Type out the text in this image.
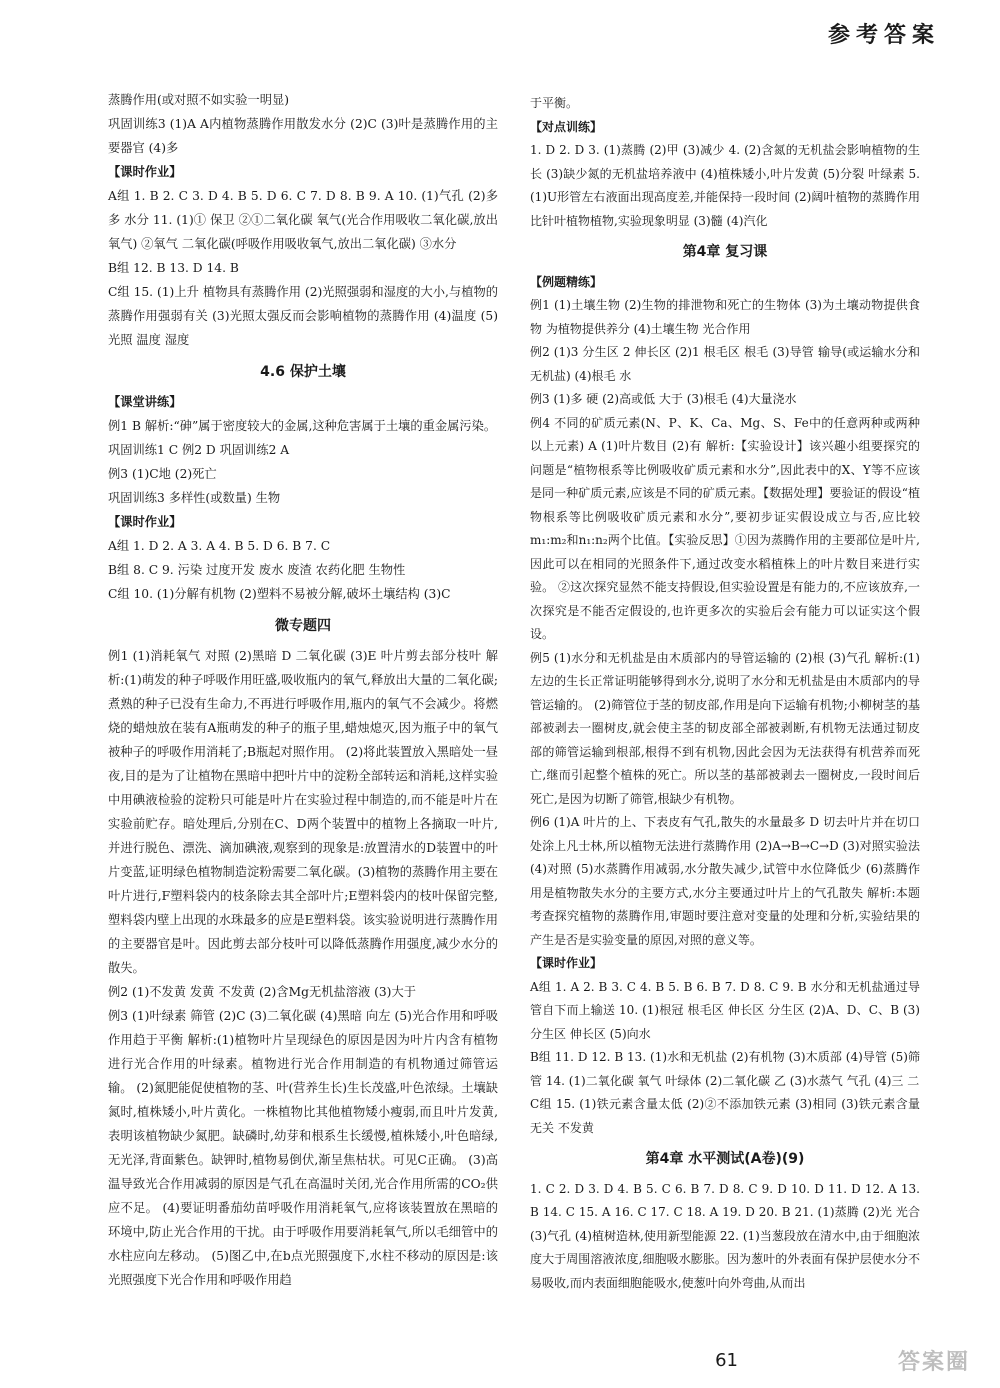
参考答案

蒸腾作用(或对照不如实验一明显)

巩固训练3 (1)A A内植物蒸腾作用散发水分 (2)C (3)叶是蒸腾作用的主要器官 (4)多

【课时作业】

A组 1. B 2. C 3. D 4. B 5. D 6. C 7. D 8. B 9. A 10. (1)气孔 (2)多 多 水分 11. (1)① 保卫 ②①二氧化碳 氧气(光合作用吸收二氧化碳,放出氧气) ②氧气 二氧化碳(呼吸作用吸收氧气,放出二氧化碳) ③水分

B组 12. B 13. D 14. B

C组 15. (1)上升 植物具有蒸腾作用 (2)光照强弱和湿度的大小,与植物的蒸腾作用强弱有关 (3)光照太强反而会影响植物的蒸腾作用 (4)温度 (5)光照 温度 湿度

4.6 保护土壤

【课堂讲练】

例1 B 解析:“砷”属于密度较大的金属,这种危害属于土壤的重金属污染。

巩固训练1 C 例2 D 巩固训练2 A

例3 (1)C地 (2)死亡

巩固训练3 多样性(或数量) 生物

【课时作业】

A组 1. D 2. A 3. A 4. B 5. D 6. B 7. C

B组 8. C 9. 污染 过度开发 废水 废渣 农药化肥 生物性

C组 10. (1)分解有机物 (2)塑料不易被分解,破坏土壤结构 (3)C

微专题四

例1 (1)消耗氧气 对照 (2)黑暗 D 二氧化碳 (3)E 叶片剪去部分枝叶 解析:(1)萌发的种子呼吸作用旺盛,吸收瓶内的氧气,释放出大量的二氧化碳;煮熟的种子已没有生命力,不再进行呼吸作用,瓶内的氧气不会减少。将燃烧的蜡烛放在装有A瓶萌发的种子的瓶子里,蜡烛熄灭,因为瓶子中的氧气被种子的呼吸作用消耗了;B瓶起对照作用。 (2)将此装置放入黑暗处一昼夜,目的是为了让植物在黑暗中把叶片中的淀粉全部转运和消耗,这样实验中用碘液检验的淀粉只可能是叶片在实验过程中制造的,而不能是叶片在实验前贮存。暗处理后,分别在C、D两个装置中的植物上各摘取一叶片,并进行脱色、漂洗、滴加碘液,观察到的现象是:放置清水的D装置中的叶片变蓝,证明绿色植物制造淀粉需要二氧化碳。(3)植物的蒸腾作用主要在叶片进行,F塑料袋内的枝条除去其全部叶片;E塑料袋内的枝叶保留完整,塑料袋内壁上出现的水珠最多的应是E塑料袋。该实验说明进行蒸腾作用的主要器官是叶。因此剪去部分枝叶可以降低蒸腾作用强度,减少水分的散失。

例2 (1)不发黄 发黄 不发黄 (2)含Mg无机盐溶液 (3)大于

例3 (1)叶绿素 筛管 (2)C (3)二氧化碳 (4)黑暗 向左 (5)光合作用和呼吸作用趋于平衡 解析:(1)植物叶片呈现绿色的原因是因为叶片内含有植物进行光合作用的叶绿素。植物进行光合作用制造的有机物通过筛管运输。 (2)氮肥能促使植物的茎、叶(营养生长)生长茂盛,叶色浓绿。土壤缺氮时,植株矮小,叶片黄化。一株植物比其他植物矮小瘦弱,而且叶片发黄,表明该植物缺少氮肥。缺磷时,幼芽和根系生长缓慢,植株矮小,叶色暗绿,无光泽,背面紫色。缺钾时,植物易倒伏,渐呈焦枯状。可见C正确。 (3)高温导致光合作用减弱的原因是气孔在高温时关闭,光合作用所需的CO₂供应不足。 (4)要证明番茄幼苗呼吸作用消耗氧气,应将该装置放在黑暗的环境中,防止光合作用的干扰。由于呼吸作用要消耗氧气,所以毛细管中的水柱应向左移动。 (5)图乙中,在b点光照强度下,水柱不移动的原因是:该光照强度下光合作用和呼吸作用趋

于平衡。

【对点训练】

1. D 2. D 3. (1)蒸腾 (2)甲 (3)减少 4. (2)含氮的无机盐会影响植物的生长 (3)缺少氮的无机盐培养液中 (4)植株矮小,叶片发黄 (5)分裂 叶绿素 5. (1)U形管左右液面出现高度差,并能保持一段时间 (2)阔叶植物的蒸腾作用比针叶植物植物,实验现象明显 (3)髓 (4)汽化

第4章 复习课

【例题精练】

例1 (1)土壤生物 (2)生物的排泄物和死亡的生物体 (3)为土壤动物提供食物 为植物提供养分 (4)土壤生物 光合作用

例2 (1)3 分生区 2 伸长区 (2)1 根毛区 根毛 (3)导管 输导(或运输水分和无机盐) (4)根毛 水

例3 (1)多 硬 (2)高或低 大于 (3)根毛 (4)大量浇水

例4 不同的矿质元素(N、P、K、Ca、Mg、S、Fe中的任意两种或两种以上元素) A (1)叶片数目 (2)有 解析:【实验设计】该兴趣小组要探究的问题是“植物根系等比例吸收矿质元素和水分”,因此表中的X、Y等不应该是同一种矿质元素,应该是不同的矿质元素。【数据处理】要验证的假设“植物根系等比例吸收矿质元素和水分”,要初步证实假设成立与否,应比较m₁:m₂和n₁:n₂两个比值。【实验反思】①因为蒸腾作用的主要部位是叶片,因此可以在相同的光照条件下,通过改变水稻植株上的叶片数目来进行实验。 ②这次探究显然不能支持假设,但实验设置是有能力的,不应该放弃,一次探究是不能否定假设的,也许更多次的实验后会有能力可以证实这个假设。

例5 (1)水分和无机盐是由木质部内的导管运输的 (2)根 (3)气孔 解析:(1)左边的生长正常证明能够得到水分,说明了水分和无机盐是由木质部内的导管运输的。 (2)筛管位于茎的韧皮部,作用是向下运输有机物;小柳树茎的基部被剥去一圈树皮,就会使主茎的韧皮部全部被剥断,有机物无法通过韧皮部的筛管运输到根部,根得不到有机物,因此会因为无法获得有机营养而死亡,继而引起整个植株的死亡。所以茎的基部被剥去一圈树皮,一段时间后死亡,是因为切断了筛管,根缺少有机物。

例6 (1)A 叶片的上、下表皮有气孔,散失的水量最多 D 切去叶片并在切口处涂上凡士林,所以植物无法进行蒸腾作用 (2)A→B→C→D (3)对照实验法 (4)对照 (5)水蒸腾作用减弱,水分散失减少,试管中水位降低少 (6)蒸腾作用是植物散失水分的主要方式,水分主要通过叶片上的气孔散失 解析:本题考查探究植物的蒸腾作用,审题时要注意对变量的处理和分析,实验结果的产生是否是实验变量的原因,对照的意义等。

【课时作业】

A组 1. A 2. B 3. C 4. B 5. B 6. B 7. D 8. C 9. B 水分和无机盐通过导管自下而上输送 10. (1)根冠 根毛区 伸长区 分生区 (2)A、D、C、B (3)分生区 伸长区 (5)向水

B组 11. D 12. B 13. (1)水和无机盐 (2)有机物 (3)木质部 (4)导管 (5)筛管 14. (1)二氧化碳 氧气 叶绿体 (2)二氧化碳 乙 (3)水蒸气 气孔 (4)三 二

C组 15. (1)铁元素含量太低 (2)②不添加铁元素 (3)相同 (3)铁元素含量无关 不发黄

第4章 水平测试(A卷)(9)

1. C 2. D 3. D 4. B 5. C 6. B 7. D 8. C 9. D 10. D 11. D 12. A 13. B 14. C 15. A 16. C 17. C 18. A 19. D 20. B 21. (1)蒸腾 (2)光 光合 (3)气孔 (4)植树造林,使用新型能源 22. (1)当葱段放在清水中,由于细胞浓度大于周围溶液浓度,细胞吸水膨胀。因为葱叶的外表面有保护层使水分不易吸收,而内表面细胞能吸水,使葱叶向外弯曲,从而出

61	答案圈
